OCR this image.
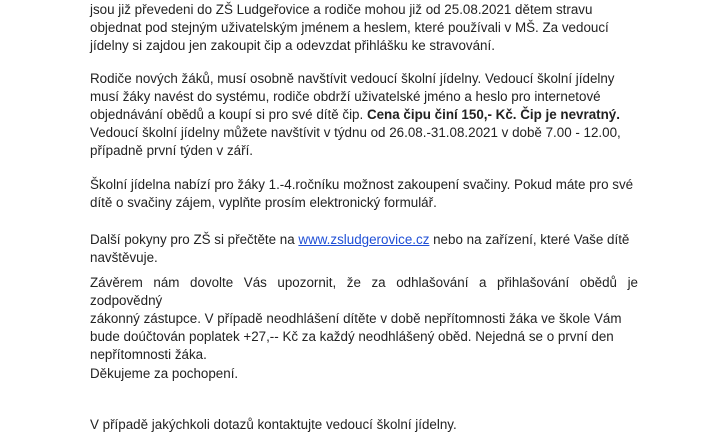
jsou již převedeni do ZŠ Ludgeřovice a rodiče mohou již od 25.08.2021 dětem stravu
objednat pod stejným uživatelským jménem a heslem, které používali v MŠ. Za vedoucí
jídelny si zajdou jen zakoupit čip a odevzdat přihlášku ke stravování.

Rodiče nových žáků, musí osobně navštívit vedoucí školní jídelny. Vedoucí školní jídelny
musí žáky navést do systému, rodiče obdrží uživatelské jméno a heslo pro internetové
objednávání obědů a koupí si pro své dítě čip. Cena čipu činí 150,- Kč. Čip je nevratný.
Vedoucí školní jídelny můžete navštívit v týdnu od 26.08.-31.08.2021 v době 7.00 - 12.00,
případně první týden v září.

Školní jídelna nabízí pro žáky 1.-4.ročníku možnost zakoupení svačiny. Pokud máte pro své
dítě o svačiny zájem, vyplňte prosím elektronický formulář.

Další pokyny pro ZŠ si přečtěte na www.zsludgerovice.cz nebo na zařízení, které Vaše dítě
navštěvuje.

Závěrem nám dovolte Vás upozornit, že za odhlašování a přihlašování obědů je zodpovědný
zákonný zástupce. V případě neodhlášení dítěte v době nepřítomnosti žáka ve škole Vám
bude doúčtován poplatek +27,-- Kč za každý neodhlášený oběd. Nejedná se o první den
nepřítomnosti žáka.

Děkujeme za pochopení.

V případě jakýchkoli dotazů kontaktujte vedoucí školní jídelny.
